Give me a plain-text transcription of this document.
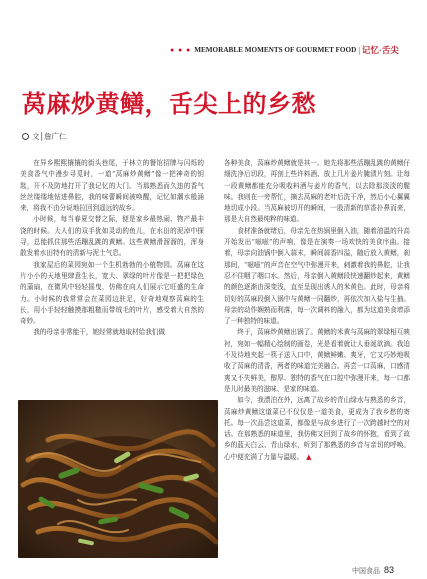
● ● ● MEMORABLE MOMENTS OF GOURMET FOOD | 记忆·舌尖
莴麻炒黄鳝，舌尖上的乡愁
文│詹广仁

在异乡熙熙攘攘的街头巷尾，于林立的餐馆招牌与闪烁的美食香气中漫步寻觅时，一道“莴麻炒黄鳝”像一把神奇的钥匙，开不及防地打开了我记忆的大门。当那熟悉而久违的香气丝丝缕缕地钻进鼻腔，我的味蕾瞬间被唤醒，记忆如潮水般涌来，将我不由分说地拉回到遥远的故乡。

小时候，每当春夏交替之际，便是家乡最热闹、物产最丰饶的时候。大人们的双手犹如灵动的鱼儿，在水田的泥淖中探寻，总能抓住那些活蹦乱跳的黄鳝。这些黄鳝滑溜溜的，浑身散发着水田特有的清新与泥土气息。

我家屋后的菜园宛如一个生机勃勃的小植物园。莴麻在这片小小的天地里肆意生长，宽大、翠绿的叶片像是一把把绿色的蒲扇，在微风中轻轻摇曳，仿佛在向人们展示它旺盛的生命力。小时候的我常常会在菜园边驻足，好奇地观察莴麻的生长，用小手轻轻触摸那粗糙而带绒毛的叶片，感受着大自然的奇妙。

我的母亲非常能干，她经常就地取材给我们做

各种美食，莴麻炒黄鳝就是其一。她先将那些活蹦乱跳的黄鳝仔细洗净后切段，再剖上些许料酒、放上几片姜片腌渍片刻。让每一段黄鳝都能充分吸收料酒与姜片的香气，以去除那淡淡的腥味。我则在一旁帮忙，摘去莴麻的老叶后洗干净，然后小心翼翼地切成小段。当莴麻被切开的瞬间，一股清新的草香扑鼻而来，那是大自然最纯粹的味道。

食材准备就绪后，母亲先在热锅里倒入油，随着油温的升高开始发出“嗞嗞”的声响，像是在演奏一场欢快的美食序曲。接着，母亲向油锅中倒入蒜末，瞬间蒜香四溢，随后放入黄鳝，刹那间，“嗞嗞”的声音在空气中弥漫开来，刺激着我的鼻腔，让我忍不住咽了咽口水。然后，母亲倒入黄鳝段快速翻炒起来，黄鳝的颜色逐渐由深变浅，直至呈现出诱人的米黄色。此时，母亲将切好的莴麻段倒入锅中与黄鳝一同翻炒，再依次加入盐与生抽。母亲的动作娴熟而利落，每一次调料的融入，都为这道美食增添了一种独特的味道。

终于，莴麻炒黄鳝出锅了。黄鳝的米黄与莴麻的翠绿相互映衬，宛如一幅精心绘制的画卷，光是看着就让人垂涎欲滴。我迫不及待地夹起一筷子送入口中，黄鳝鲜嫩、爽牙，它又巧妙地吸收了莴麻的清香，两者的味道完美融合。再尝一口莴麻，口感清爽又不失鲜美，醇厚、独特的香气在口腔中弥漫开来，每一口都是儿时最美的滋味、是家的味道。

如今，我漂泊在外，远离了故乡的青山绿水与熟悉的乡音，莴麻炒黄鳝这道菜已不仅仅是一道美食，更成为了我乡愁的寄托。每一次品尝这道菜，都像是与故乡进行了一次跨越时空的对话。在那熟悉的味道里，我仿佛又回到了故乡的怀抱，看到了故乡的蓝天白云、青山绿水，听到了那熟悉的乡音与亲切的呼唤。心中便充满了力量与温暖。 ▲

中国食品 83
